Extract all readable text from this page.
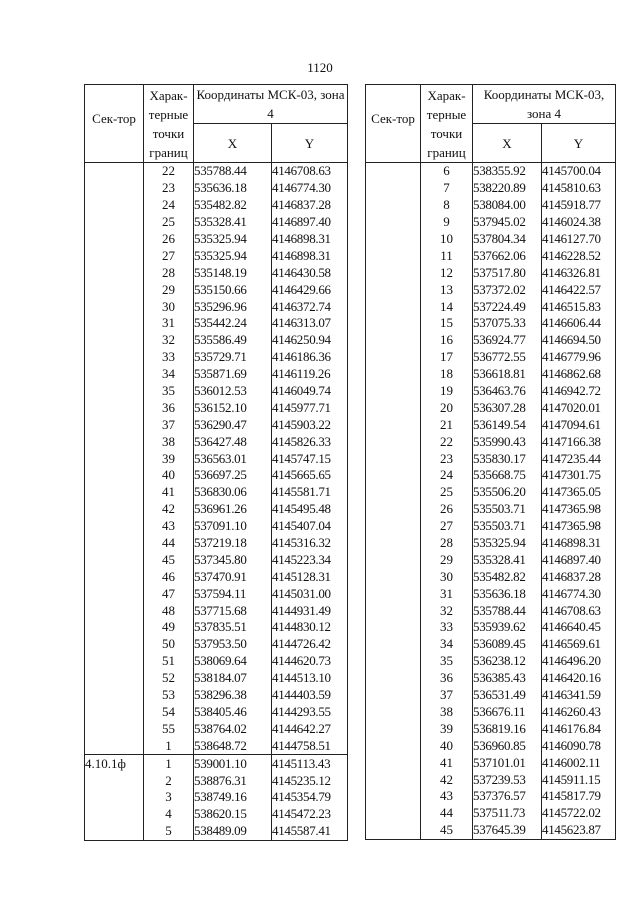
1120
Сек-тор	Харак-терные точки границ	Координаты МСК-03, зона 4	
		X	Y
	22	535788.44	4146708.63
	23	535636.18	4146774.30
	24	535482.82	4146837.28
	25	535328.41	4146897.40
	26	535325.94	4146898.31
	27	535325.94	4146898.31
	28	535148.19	4146430.58
	29	535150.66	4146429.66
	30	535296.96	4146372.74
	31	535442.24	4146313.07
	32	535586.49	4146250.94
	33	535729.71	4146186.36
	34	535871.69	4146119.26
	35	536012.53	4146049.74
	36	536152.10	4145977.71
	37	536290.47	4145903.22
	38	536427.48	4145826.33
	39	536563.01	4145747.15
	40	536697.25	4145665.65
	41	536830.06	4145581.71
	42	536961.26	4145495.48
	43	537091.10	4145407.04
	44	537219.18	4145316.32
	45	537345.80	4145223.34
	46	537470.91	4145128.31
	47	537594.11	4145031.00
	48	537715.68	4144931.49
	49	537835.51	4144830.12
	50	537953.50	4144726.42
	51	538069.64	4144620.73
	52	538184.07	4144513.10
	53	538296.38	4144403.59
	54	538405.46	4144293.55
	55	538764.02	4144642.27
	1	538648.72	4144758.51
4.10.1ф	1	539001.10	4145113.43
	2	538876.31	4145235.12
	3	538749.16	4145354.79
	4	538620.15	4145472.23
	5	538489.09	4145587.41
Сек-тор	Харак-терные точки границ	Координаты МСК-03, зона 4	
		X	Y
	6	538355.92	4145700.04
	7	538220.89	4145810.63
	8	538084.00	4145918.77
	9	537945.02	4146024.38
	10	537804.34	4146127.70
	11	537662.06	4146228.52
	12	537517.80	4146326.81
	13	537372.02	4146422.57
	14	537224.49	4146515.83
	15	537075.33	4146606.44
	16	536924.77	4146694.50
	17	536772.55	4146779.96
	18	536618.81	4146862.68
	19	536463.76	4146942.72
	20	536307.28	4147020.01
	21	536149.54	4147094.61
	22	535990.43	4147166.38
	23	535830.17	4147235.44
	24	535668.75	4147301.75
	25	535506.20	4147365.05
	26	535503.71	4147365.98
	27	535503.71	4147365.98
	28	535325.94	4146898.31
	29	535328.41	4146897.40
	30	535482.82	4146837.28
	31	535636.18	4146774.30
	32	535788.44	4146708.63
	33	535939.62	4146640.45
	34	536089.45	4146569.61
	35	536238.12	4146496.20
	36	536385.43	4146420.16
	37	536531.49	4146341.59
	38	536676.11	4146260.43
	39	536819.16	4146176.84
	40	536960.85	4146090.78
	41	537101.01	4146002.11
	42	537239.53	4145911.15
	43	537376.57	4145817.79
	44	537511.73	4145722.02
	45	537645.39	4145623.87
